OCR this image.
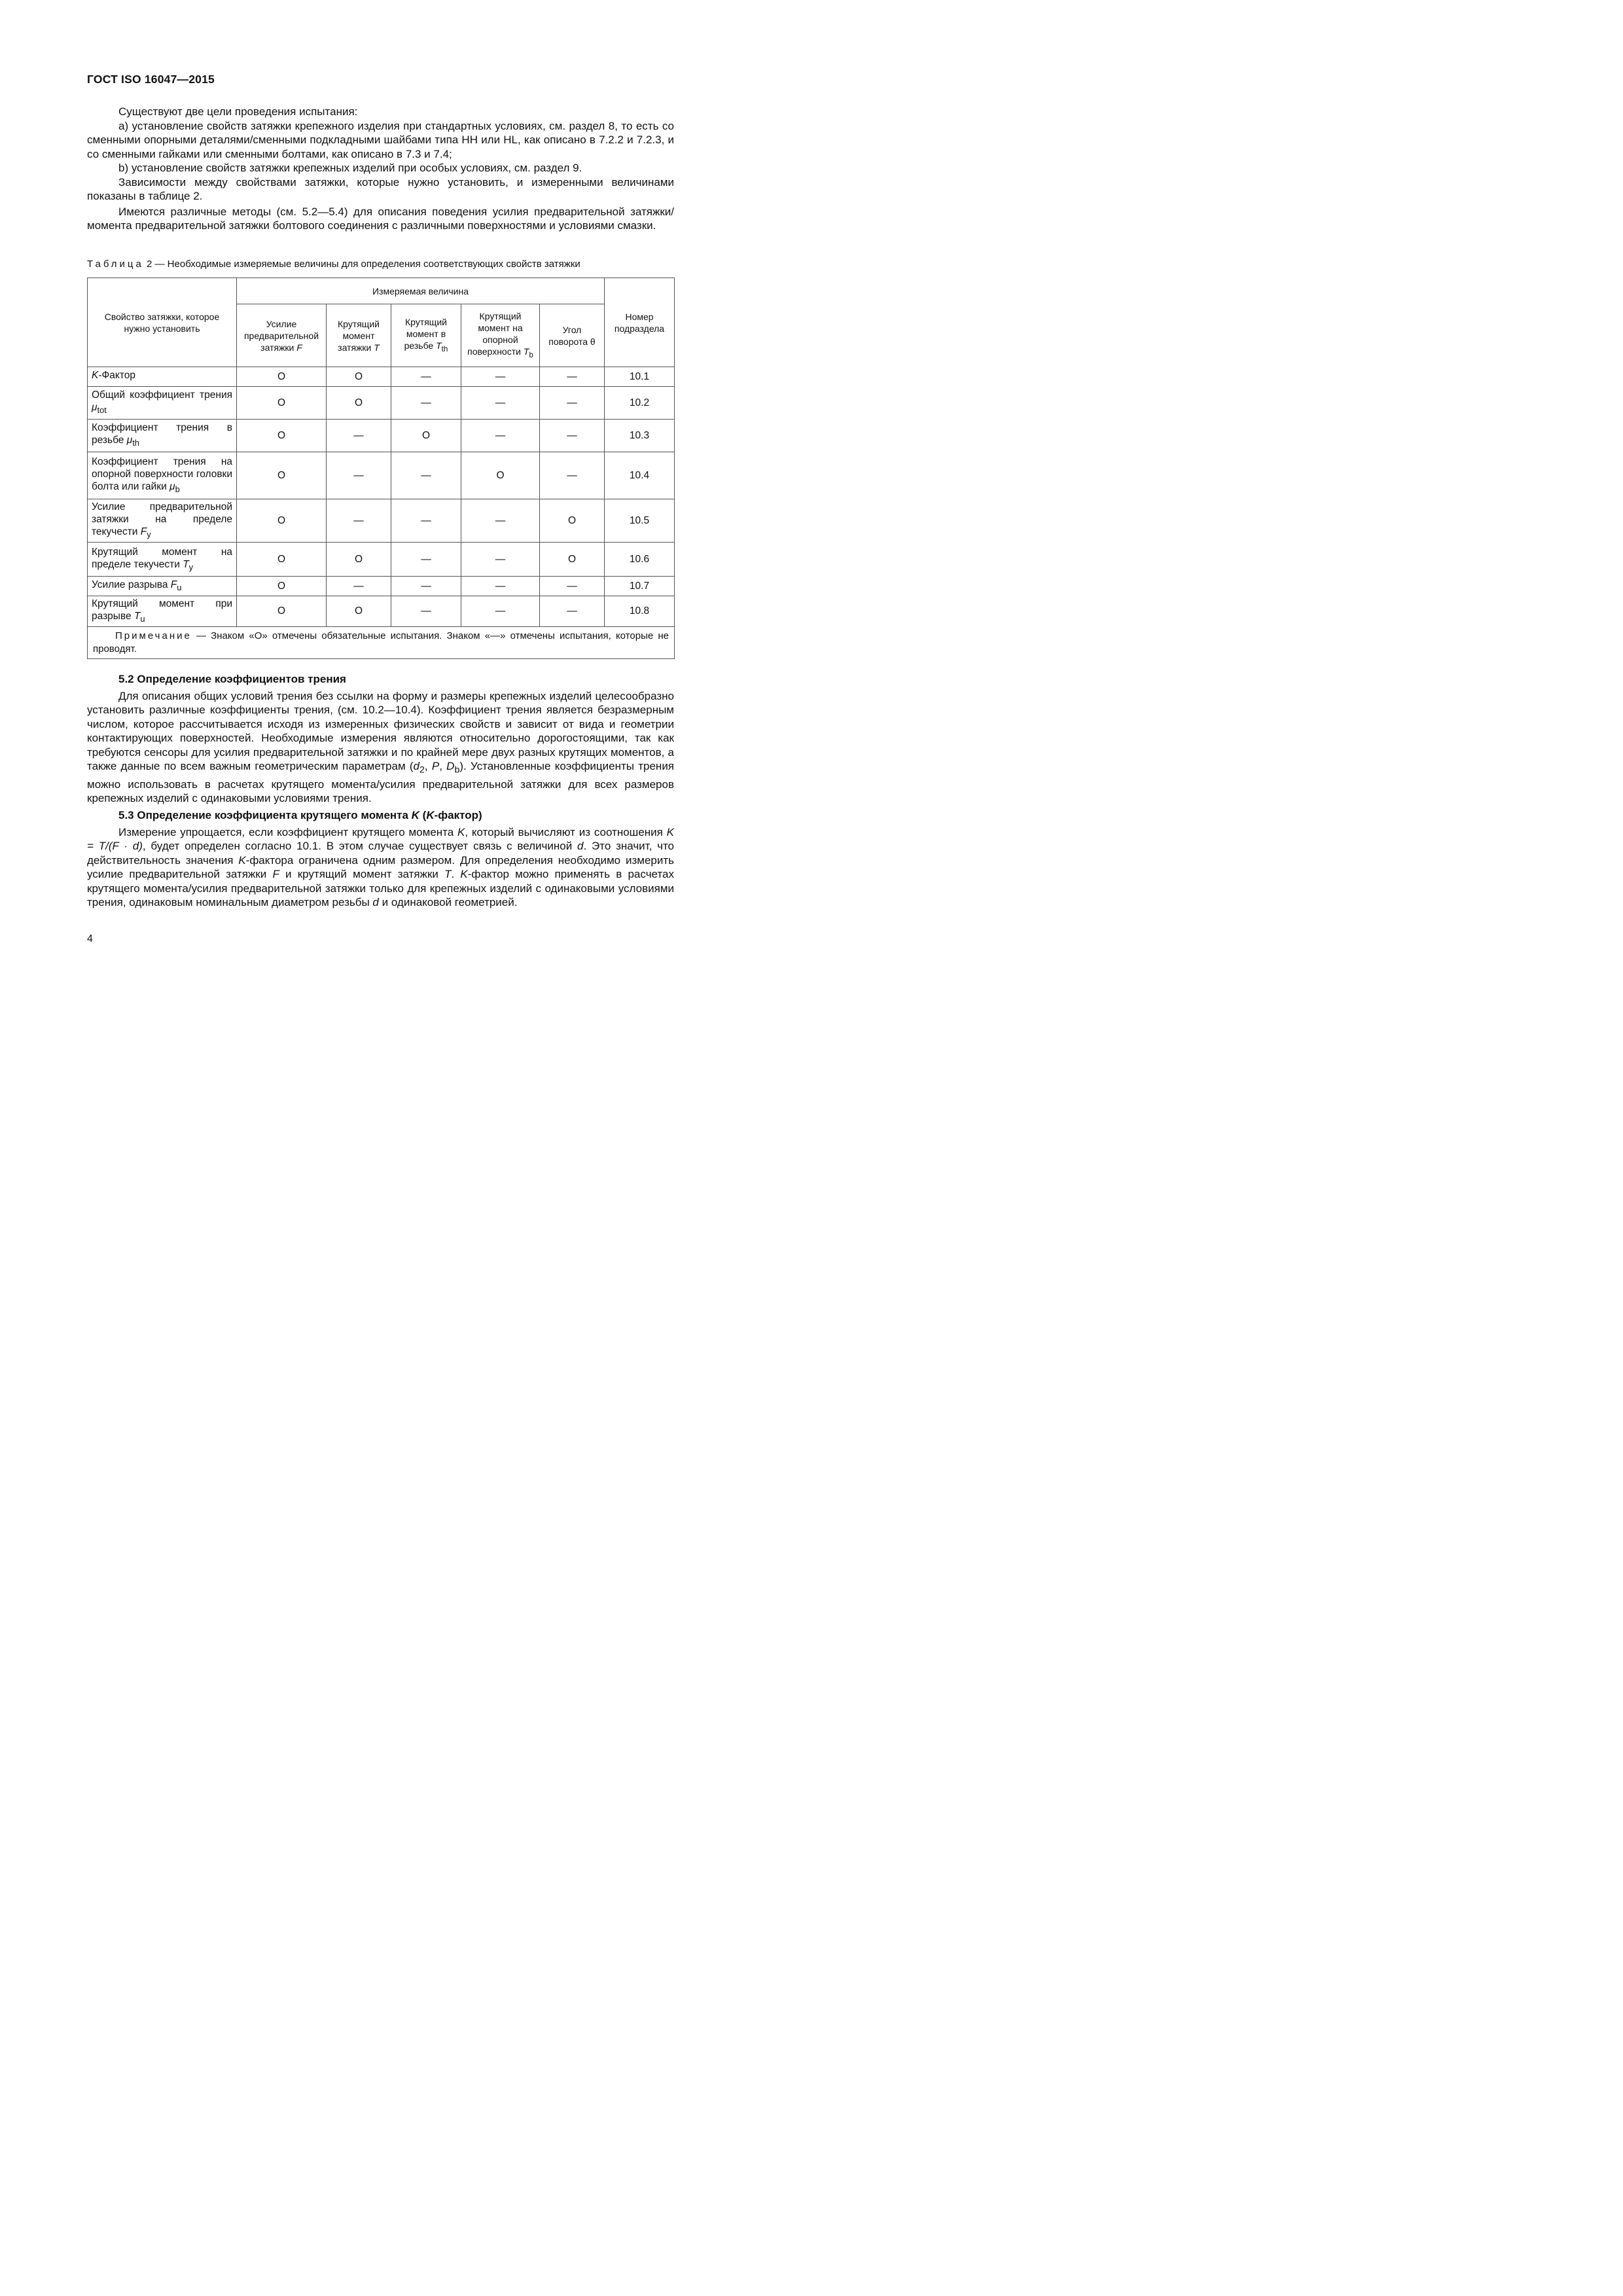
ГОСТ ISO 16047—2015

Существуют две цели проведения испытания:

а) установление свойств затяжки крепежного изделия при стандартных условиях, см. раздел 8, то есть со сменными опорными деталями/сменными подкладными шайбами типа HH или HL, как описано в 7.2.2 и 7.2.3, и со сменными гайками или сменными болтами, как описано в 7.3 и 7.4;

b) установление свойств затяжки крепежных изделий при особых условиях, см. раздел 9.

Зависимости между свойствами затяжки, которые нужно установить, и измеренными величинами показаны в таблице 2.

Имеются различные методы (см. 5.2—5.4) для описания поведения усилия предварительной затяжки/момента предварительной затяжки болтового соединения с различными поверхностями и условиями смазки.

Таблица 2 — Необходимые измеряемые величины для определения соответствующих свойств затяжки
Свойство затяжки, которое нужно установить	Измеряемая величина					Номер подраздела
	Усилие предварительной затяжки F	Крутящий момент затяжки T	Крутящий момент в резьбе $T_{th}$	Крутящий момент на опорной поверхности $T_b$	Угол поворота θ	
K-Фактор	O	O	—	—	—	10.1
Общий коэффициент трения $\mu_{tot}$	O	O	—	—	—	10.2
Коэффициент трения в резьбе $\mu_{th}$	O	—	O	—	—	10.3
Коэффициент трения на опорной поверхности головки болта или гайки $\mu_b$	O	—	—	O	—	10.4
Усилие предварительной затяжки на пределе текучести $F_y$	O	—	—	—	O	10.5
Крутящий момент на пределе текучести $T_y$	O	O	—	—	O	10.6
Усилие разрыва $F_u$	O	—	—	—	—	10.7
Крутящий момент при разрыве $T_u$	O	O	—	—	—	10.8
Примечание — Знаком «О» отмечены обязательные испытания. Знаком «—» отмечены испытания, которые не проводят.						

5.2 Определение коэффициентов трения

Для описания общих условий трения без ссылки на форму и размеры крепежных изделий целесообразно установить различные коэффициенты трения, (см. 10.2—10.4). Коэффициент трения является безразмерным числом, которое рассчитывается исходя из измеренных физических свойств и зависит от вида и геометрии контактирующих поверхностей. Необходимые измерения являются относительно дорогостоящими, так как требуются сенсоры для усилия предварительной затяжки и по крайней мере двух разных крутящих моментов, а также данные по всем важным геометрическим параметрам ($d_2$, P, $D_b$). Установленные коэффициенты трения можно использовать в расчетах крутящего момента/усилия предварительной затяжки для всех размеров крепежных изделий с одинаковыми условиями трения.

5.3 Определение коэффициента крутящего момента K (K-фактор)

Измерение упрощается, если коэффициент крутящего момента K, который вычисляют из соотношения K = T/(F · d), будет определен согласно 10.1. В этом случае существует связь с величиной d. Это значит, что действительность значения K-фактора ограничена одним размером. Для определения необходимо измерить усилие предварительной затяжки F и крутящий момент затяжки T. K-фактор можно применять в расчетах крутящего момента/усилия предварительной затяжки только для крепежных изделий с одинаковыми условиями трения, одинаковым номинальным диаметром резьбы d и одинаковой геометрией.

4
